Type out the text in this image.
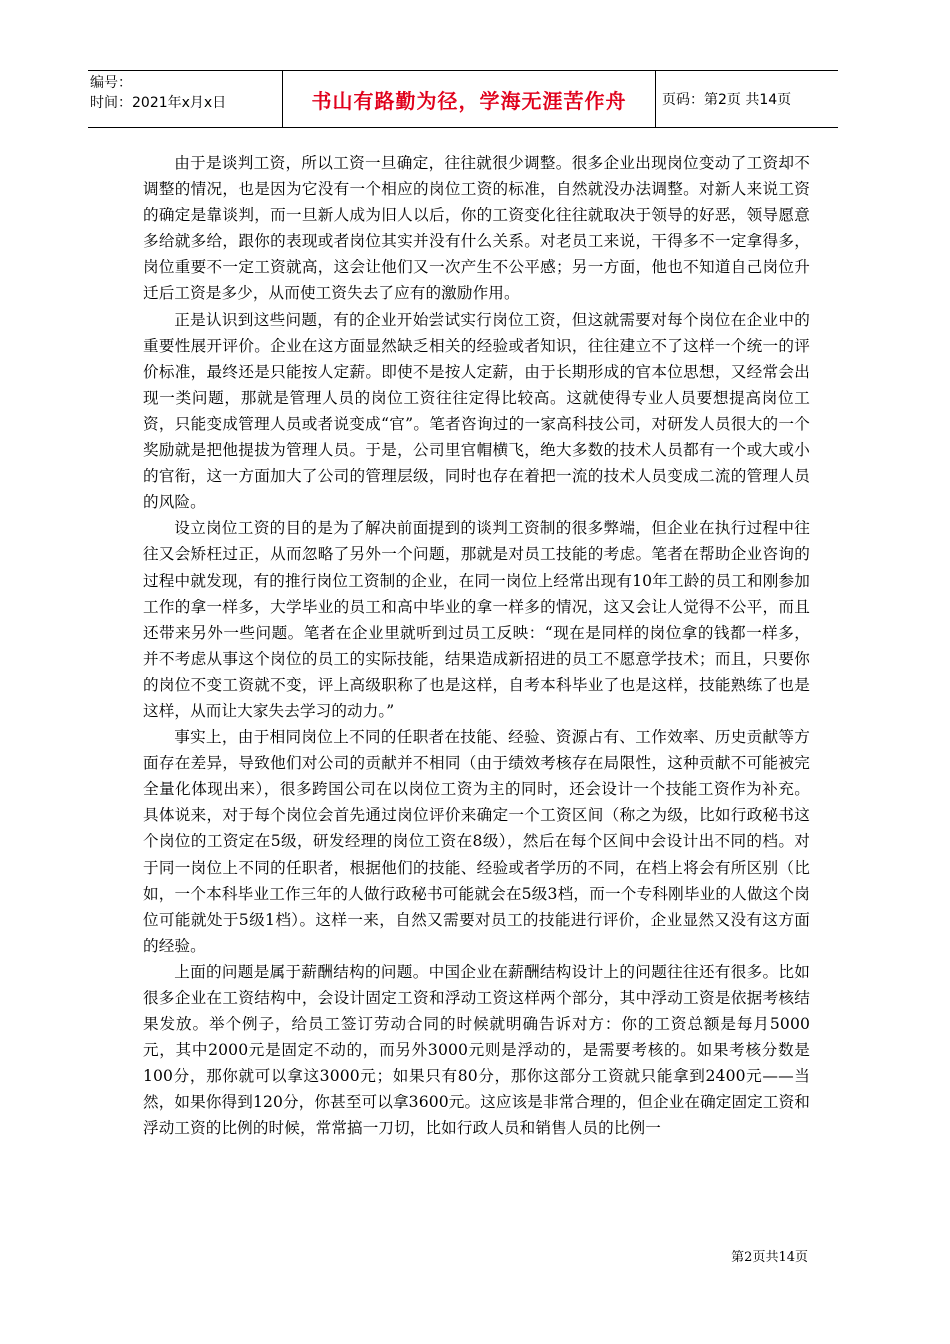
编号：
时间：2021年x月x日	书山有路勤为径，学海无涯苦作舟	页码：第2页 共14页

由于是谈判工资，所以工资一旦确定，往往就很少调整。很多企业出现岗位变动了工资却不调整的情况，也是因为它没有一个相应的岗位工资的标准，自然就没办法调整。对新人来说工资的确定是靠谈判，而一旦新人成为旧人以后，你的工资变化往往就取决于领导的好恶，领导愿意多给就多给，跟你的表现或者岗位其实并没有什么关系。对老员工来说，干得多不一定拿得多，岗位重要不一定工资就高，这会让他们又一次产生不公平感；另一方面，他也不知道自己岗位升迁后工资是多少，从而使工资失去了应有的激励作用。

正是认识到这些问题，有的企业开始尝试实行岗位工资，但这就需要对每个岗位在企业中的重要性展开评价。企业在这方面显然缺乏相关的经验或者知识，往往建立不了这样一个统一的评价标准，最终还是只能按人定薪。即使不是按人定薪，由于长期形成的官本位思想，又经常会出现一类问题，那就是管理人员的岗位工资往往定得比较高。这就使得专业人员要想提高岗位工资，只能变成管理人员或者说变成“官”。笔者咨询过的一家高科技公司，对研发人员很大的一个奖励就是把他提拔为管理人员。于是，公司里官帽横飞，绝大多数的技术人员都有一个或大或小的官衔，这一方面加大了公司的管理层级，同时也存在着把一流的技术人员变成二流的管理人员的风险。

设立岗位工资的目的是为了解决前面提到的谈判工资制的很多弊端，但企业在执行过程中往往又会矫枉过正，从而忽略了另外一个问题，那就是对员工技能的考虑。笔者在帮助企业咨询的过程中就发现，有的推行岗位工资制的企业，在同一岗位上经常出现有10年工龄的员工和刚参加工作的拿一样多，大学毕业的员工和高中毕业的拿一样多的情况，这又会让人觉得不公平，而且还带来另外一些问题。笔者在企业里就听到过员工反映：“现在是同样的岗位拿的钱都一样多，并不考虑从事这个岗位的员工的实际技能，结果造成新招进的员工不愿意学技术；而且，只要你的岗位不变工资就不变，评上高级职称了也是这样，自考本科毕业了也是这样，技能熟练了也是这样，从而让大家失去学习的动力。”

事实上，由于相同岗位上不同的任职者在技能、经验、资源占有、工作效率、历史贡献等方面存在差异，导致他们对公司的贡献并不相同（由于绩效考核存在局限性，这种贡献不可能被完全量化体现出来），很多跨国公司在以岗位工资为主的同时，还会设计一个技能工资作为补充。具体说来，对于每个岗位会首先通过岗位评价来确定一个工资区间（称之为级，比如行政秘书这个岗位的工资定在5级，研发经理的岗位工资在8级），然后在每个区间中会设计出不同的档。对于同一岗位上不同的任职者，根据他们的技能、经验或者学历的不同，在档上将会有所区别（比如，一个本科毕业工作三年的人做行政秘书可能就会在5级3档，而一个专科刚毕业的人做这个岗位可能就处于5级1档）。这样一来，自然又需要对员工的技能进行评价，企业显然又没有这方面的经验。

上面的问题是属于薪酬结构的问题。中国企业在薪酬结构设计上的问题往往还有很多。比如很多企业在工资结构中，会设计固定工资和浮动工资这样两个部分，其中浮动工资是依据考核结果发放。举个例子，给员工签订劳动合同的时候就明确告诉对方：你的工资总额是每月5000元，其中2000元是固定不动的，而另外3000元则是浮动的，是需要考核的。如果考核分数是100分，那你就可以拿这3000元；如果只有80分，那你这部分工资就只能拿到2400元——当然，如果你得到120分，你甚至可以拿3600元。这应该是非常合理的，但企业在确定固定工资和浮动工资的比例的时候，常常搞一刀切，比如行政人员和销售人员的比例一

第2页共14页
